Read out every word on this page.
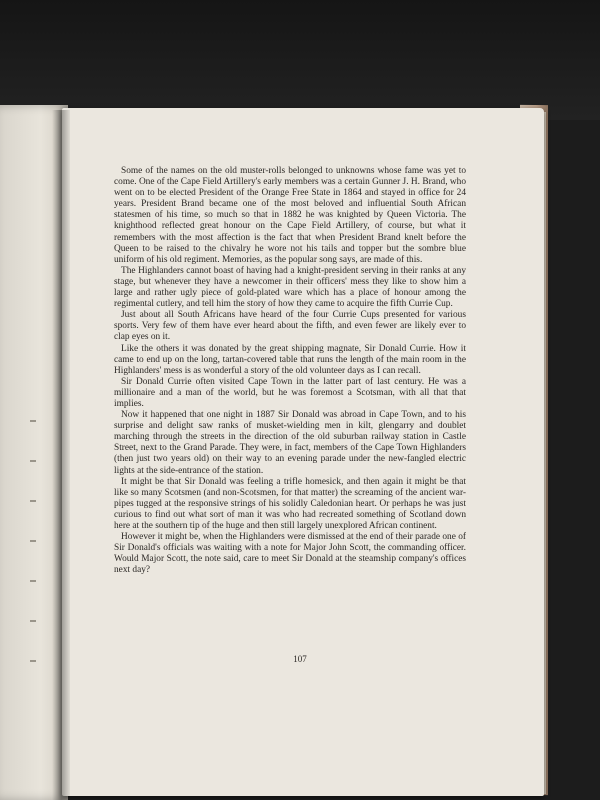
Some of the names on the old muster-rolls belonged to unknowns whose fame was yet to come. One of the Cape Field Artillery's early members was a certain Gunner J. H. Brand, who went on to be elected President of the Orange Free State in 1864 and stayed in office for 24 years. President Brand became one of the most beloved and influential South African statesmen of his time, so much so that in 1882 he was knighted by Queen Victoria. The knighthood reflected great honour on the Cape Field Artillery, of course, but what it remembers with the most affection is the fact that when President Brand knelt before the Queen to be raised to the chivalry he wore not his tails and topper but the sombre blue uniform of his old regiment. Memories, as the popular song says, are made of this.

The Highlanders cannot boast of having had a knight-president serving in their ranks at any stage, but whenever they have a newcomer in their officers' mess they like to show him a large and rather ugly piece of gold-plated ware which has a place of honour among the regimental cutlery, and tell him the story of how they came to acquire the fifth Currie Cup.

Just about all South Africans have heard of the four Currie Cups presented for various sports. Very few of them have ever heard about the fifth, and even fewer are likely ever to clap eyes on it.

Like the others it was donated by the great shipping magnate, Sir Donald Currie. How it came to end up on the long, tartan-covered table that runs the length of the main room in the Highlanders' mess is as wonderful a story of the old volunteer days as I can recall.

Sir Donald Currie often visited Cape Town in the latter part of last century. He was a millionaire and a man of the world, but he was foremost a Scotsman, with all that that implies.

Now it happened that one night in 1887 Sir Donald was abroad in Cape Town, and to his surprise and delight saw ranks of musket-wielding men in kilt, glengarry and doublet marching through the streets in the direction of the old suburban railway station in Castle Street, next to the Grand Parade. They were, in fact, members of the Cape Town Highlanders (then just two years old) on their way to an evening parade under the new-fangled electric lights at the side-entrance of the station.

It might be that Sir Donald was feeling a trifle homesick, and then again it might be that like so many Scotsmen (and non-Scotsmen, for that matter) the screaming of the ancient war-pipes tugged at the responsive strings of his solidly Caledonian heart. Or perhaps he was just curious to find out what sort of man it was who had recreated something of Scotland down here at the southern tip of the huge and then still largely unexplored African continent.

However it might be, when the Highlanders were dismissed at the end of their parade one of Sir Donald's officials was waiting with a note for Major John Scott, the commanding officer. Would Major Scott, the note said, care to meet Sir Donald at the steamship company's offices next day?

107
